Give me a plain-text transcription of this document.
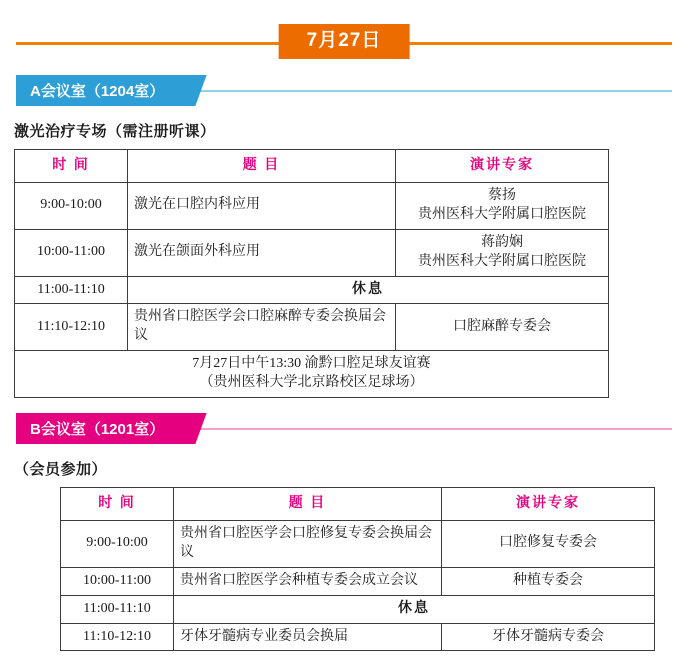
7月27日
A会议室（1204室）
激光治疗专场（需注册听课）
时 间	题 目	演讲专家
9:00-10:00	激光在口腔内科应用	蔡扬
贵州医科大学附属口腔医院

10:00-11:00	激光在颌面外科应用	蒋韵娴
贵州医科大学附属口腔医院

11:00-11:10	休息	
11:10-12:10	贵州省口腔医学会口腔麻醉专委会换届会议	口腔麻醉专委会

7月27日中午13:30 渝黔口腔足球友谊赛
（贵州医科大学北京路校区足球场）		
B会议室（1201室）
（会员参加）
时 间	题 目	演讲专家
9:00-10:00	贵州省口腔医学会口腔修复专委会换届会议	口腔修复专委会
10:00-11:00	贵州省口腔医学会种植专委会成立会议	种植专委会
11:00-11:10	休息	
11:10-12:10	牙体牙髓病专业委员会换届	牙体牙髓病专委会
